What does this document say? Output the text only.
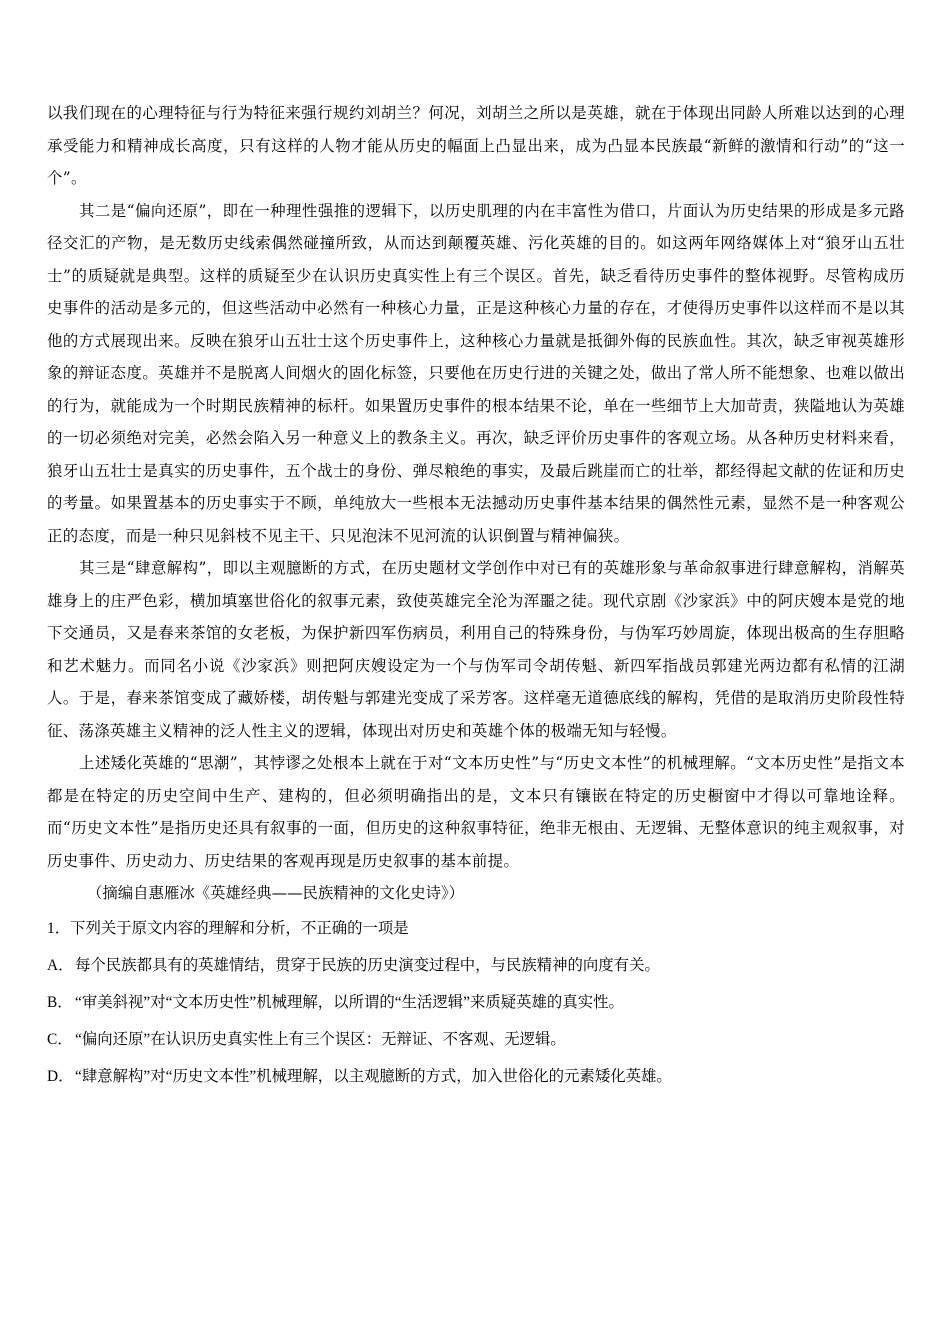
以我们现在的心理特征与行为特征来强行规约刘胡兰？何况，刘胡兰之所以是英雄，就在于体现出同龄人所难以达到的心理承受能力和精神成长高度，只有这样的人物才能从历史的幅面上凸显出来，成为凸显本民族最“新鲜的激情和行动”的“这一个”。

其二是“偏向还原”，即在一种理性强推的逻辑下，以历史肌理的内在丰富性为借口，片面认为历史结果的形成是多元路径交汇的产物，是无数历史线索偶然碰撞所致，从而达到颠覆英雄、污化英雄的目的。如这两年网络媒体上对“狼牙山五壮士”的质疑就是典型。这样的质疑至少在认识历史真实性上有三个误区。首先，缺乏看待历史事件的整体视野。尽管构成历史事件的活动是多元的，但这些活动中必然有一种核心力量，正是这种核心力量的存在，才使得历史事件以这样而不是以其他的方式展现出来。反映在狼牙山五壮士这个历史事件上，这种核心力量就是抵御外侮的民族血性。其次，缺乏审视英雄形象的辩证态度。英雄并不是脱离人间烟火的固化标签，只要他在历史行进的关键之处，做出了常人所不能想象、也难以做出的行为，就能成为一个时期民族精神的标杆。如果置历史事件的根本结果不论，单在一些细节上大加苛责，狭隘地认为英雄的一切必须绝对完美，必然会陷入另一种意义上的教条主义。再次，缺乏评价历史事件的客观立场。从各种历史材料来看，狼牙山五壮士是真实的历史事件，五个战士的身份、弹尽粮绝的事实，及最后跳崖而亡的壮举，都经得起文献的佐证和历史的考量。如果置基本的历史事实于不顾，单纯放大一些根本无法撼动历史事件基本结果的偶然性元素，显然不是一种客观公正的态度，而是一种只见斜枝不见主干、只见泡沫不见河流的认识倒置与精神偏狭。

其三是“肆意解构”，即以主观臆断的方式，在历史题材文学创作中对已有的英雄形象与革命叙事进行肆意解构，消解英雄身上的庄严色彩，横加填塞世俗化的叙事元素，致使英雄完全沦为浑噩之徒。现代京剧《沙家浜》中的阿庆嫂本是党的地下交通员，又是春来茶馆的女老板，为保护新四军伤病员，利用自己的特殊身份，与伪军巧妙周旋，体现出极高的生存胆略和艺术魅力。而同名小说《沙家浜》则把阿庆嫂设定为一个与伪军司令胡传魁、新四军指战员郭建光两边都有私情的江湖人。于是，春来茶馆变成了藏娇楼，胡传魁与郭建光变成了采芳客。这样毫无道德底线的解构，凭借的是取消历史阶段性特征、荡涤英雄主义精神的泛人性主义的逻辑，体现出对历史和英雄个体的极端无知与轻慢。

上述矮化英雄的“思潮”，其悖谬之处根本上就在于对“文本历史性”与“历史文本性”的机械理解。“文本历史性”是指文本都是在特定的历史空间中生产、建构的，但必须明确指出的是，文本只有镶嵌在特定的历史橱窗中才得以可靠地诠释。而“历史文本性”是指历史还具有叙事的一面，但历史的这种叙事特征，绝非无根由、无逻辑、无整体意识的纯主观叙事，对历史事件、历史动力、历史结果的客观再现是历史叙事的基本前提。

（摘编自惠雁冰《英雄经典——民族精神的文化史诗》）

1．下列关于原文内容的理解和分析，不正确的一项是

A． 每个民族都具有的英雄情结，贯穿于民族的历史演变过程中，与民族精神的向度有关。

B． “审美斜视”对“文本历史性”机械理解，以所谓的“生活逻辑”来质疑英雄的真实性。

C． “偏向还原”在认识历史真实性上有三个误区：无辩证、不客观、无逻辑。

D． “肆意解构”对“历史文本性”机械理解，以主观臆断的方式，加入世俗化的元素矮化英雄。
